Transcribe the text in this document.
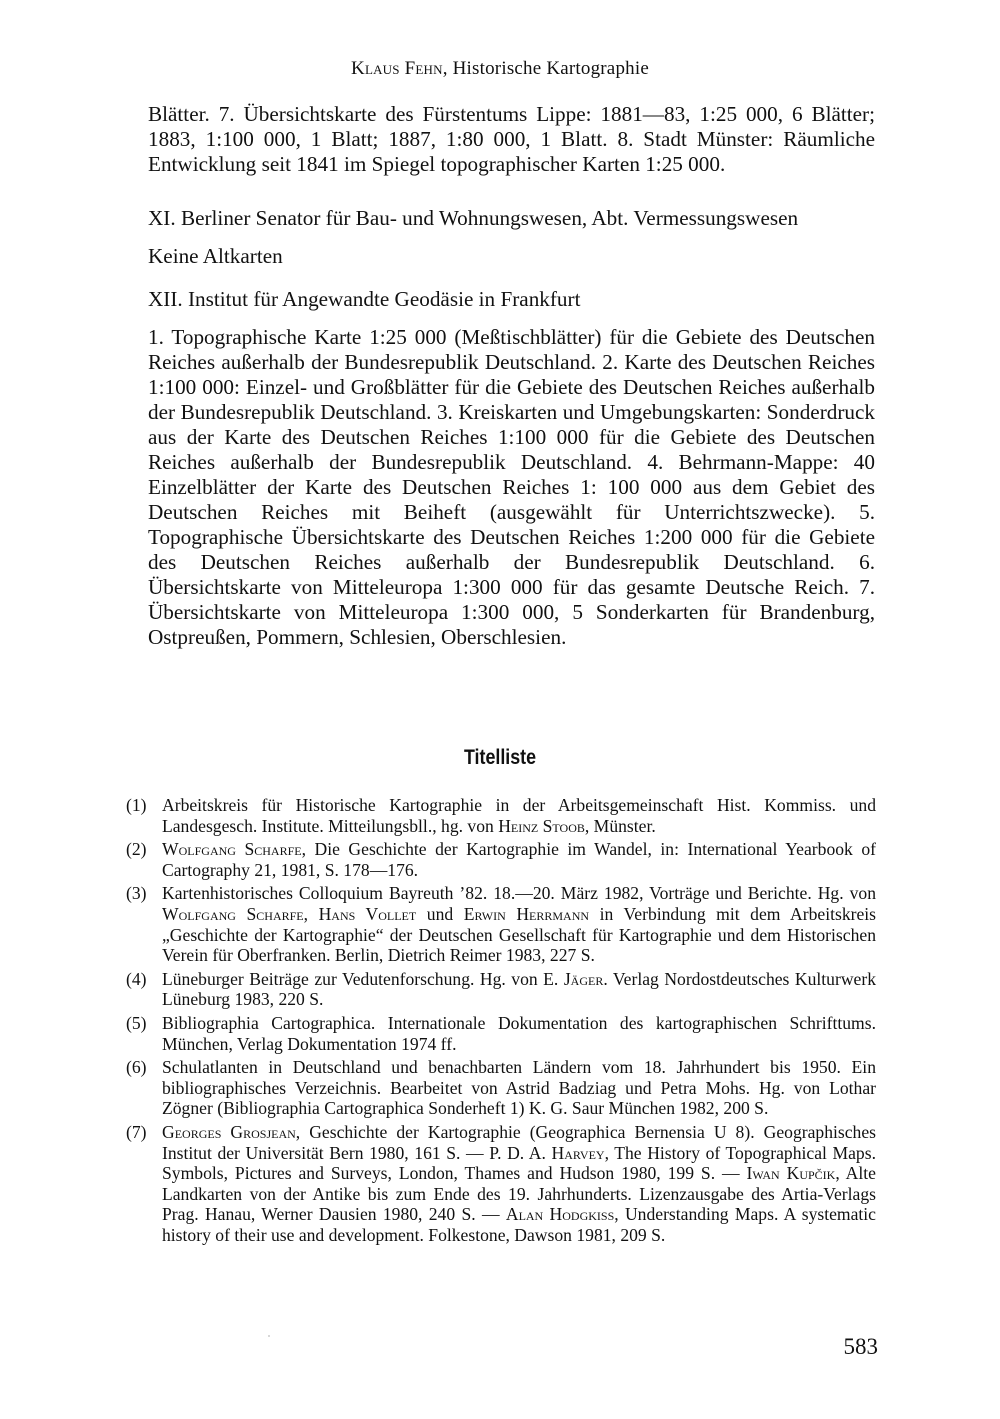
Klaus Fehn, Historische Kartographie

Blätter. 7. Übersichtskarte des Fürstentums Lippe: 1881—83, 1:25 000, 6 Blätter; 1883, 1:100 000, 1 Blatt; 1887, 1:80 000, 1 Blatt. 8. Stadt Münster: Räumliche Entwicklung seit 1841 im Spiegel topographischer Karten 1:25 000.

XI. Berliner Senator für Bau- und Wohnungswesen, Abt. Vermessungswesen

Keine Altkarten

XII. Institut für Angewandte Geodäsie in Frankfurt

1. Topographische Karte 1:25 000 (Meßtischblätter) für die Gebiete des Deutschen Reiches außerhalb der Bundesrepublik Deutschland. 2. Karte des Deutschen Reiches 1:100 000: Einzel- und Großblätter für die Gebiete des Deutschen Reiches außerhalb der Bundesrepublik Deutschland. 3. Kreiskarten und Umgebungskarten: Sonderdruck aus der Karte des Deutschen Reiches 1:100 000 für die Gebiete des Deutschen Reiches außerhalb der Bundesrepublik Deutschland. 4. Behrmann-Mappe: 40 Einzelblätter der Karte des Deutschen Reiches 1: 100 000 aus dem Gebiet des Deutschen Reiches mit Beiheft (ausgewählt für Unterrichtszwecke). 5. Topographische Übersichtskarte des Deutschen Reiches 1:200 000 für die Gebiete des Deutschen Reiches außerhalb der Bundesrepublik Deutschland. 6. Übersichtskarte von Mitteleuropa 1:300 000 für das gesamte Deutsche Reich. 7. Übersichtskarte von Mitteleuropa 1:300 000, 5 Sonderkarten für Brandenburg, Ostpreußen, Pommern, Schlesien, Oberschlesien.

Titelliste

(1) Arbeitskreis für Historische Kartographie in der Arbeitsgemeinschaft Hist. Kommiss. und Landesgesch. Institute. Mitteilungsbll., hg. von Heinz Stoob, Münster.

(2) Wolfgang Scharfe, Die Geschichte der Kartographie im Wandel, in: International Yearbook of Cartography 21, 1981, S. 178—176.

(3) Kartenhistorisches Colloquium Bayreuth ’82. 18.—20. März 1982, Vorträge und Berichte. Hg. von Wolfgang Scharfe, Hans Vollet und Erwin Herrmann in Verbindung mit dem Arbeitskreis „Geschichte der Kartographie“ der Deutschen Gesellschaft für Kartographie und dem Historischen Verein für Oberfranken. Berlin, Dietrich Reimer 1983, 227 S.

(4) Lüneburger Beiträge zur Vedutenforschung. Hg. von E. Jäger. Verlag Nordostdeutsches Kulturwerk Lüneburg 1983, 220 S.

(5) Bibliographia Cartographica. Internationale Dokumentation des kartographischen Schrifttums. München, Verlag Dokumentation 1974 ff.

(6) Schulatlanten in Deutschland und benachbarten Ländern vom 18. Jahrhundert bis 1950. Ein bibliographisches Verzeichnis. Bearbeitet von Astrid Badziag und Petra Mohs. Hg. von Lothar Zögner (Bibliographia Cartographica Sonderheft 1) K. G. Saur München 1982, 200 S.

(7) Georges Grosjean, Geschichte der Kartographie (Geographica Bernensia U 8). Geographisches Institut der Universität Bern 1980, 161 S. — P. D. A. Harvey, The History of Topographical Maps. Symbols, Pictures and Surveys, London, Thames and Hudson 1980, 199 S. — Iwan Kupčik, Alte Landkarten von der Antike bis zum Ende des 19. Jahrhunderts. Lizenzausgabe des Artia-Verlags Prag. Hanau, Werner Dausien 1980, 240 S. — Alan Hodgkiss, Understanding Maps. A systematic history of their use and development. Folkestone, Dawson 1981, 209 S.

583
